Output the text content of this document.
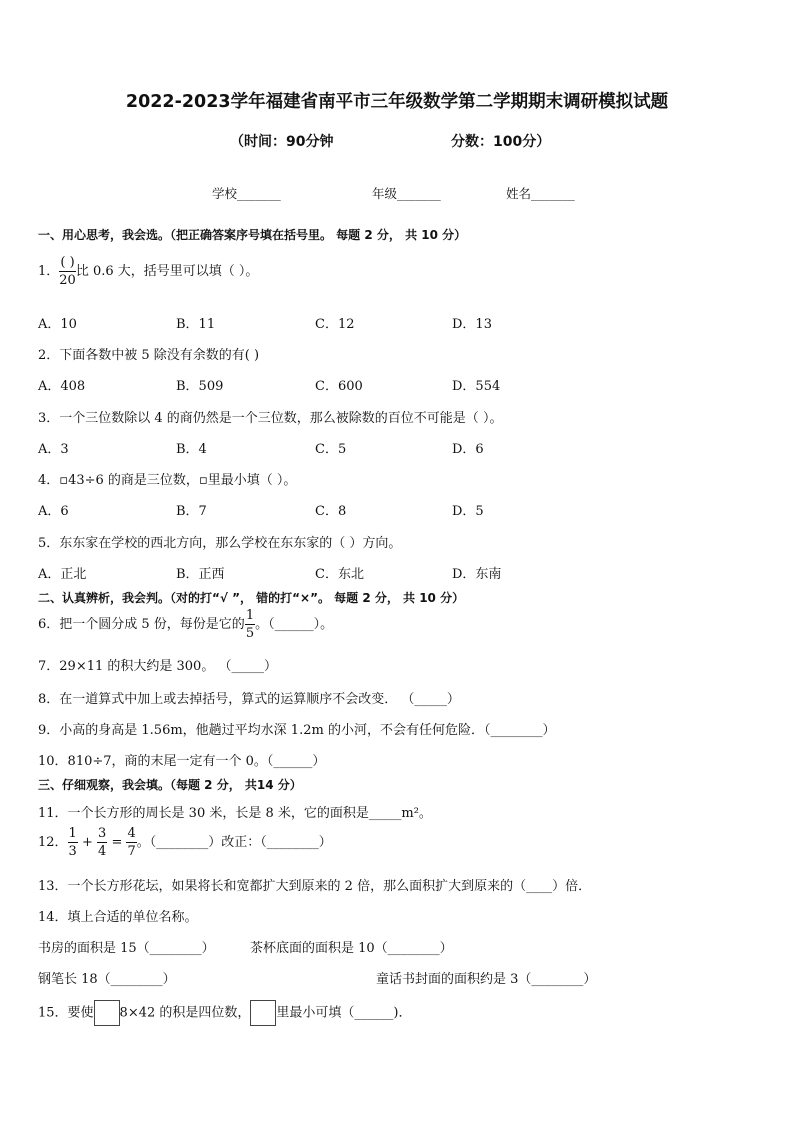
2022-2023学年福建省南平市三年级数学第二学期期末调研模拟试题
（时间：90分钟	分数：100分）
学校_______	年级_______	姓名_______
一、用心思考，我会选。（把正确答案序号填在括号里。 每题 2 分， 共 10 分）
1． $\frac{( )}{20}$ 比 0.6 大，括号里可以填（ ）。
A．10	B．11	C．12	D．13
2．下面各数中被 5 除没有余数的有( )
A．408	B．509	C．600	D．554
3．一个三位数除以 4 的商仍然是一个三位数，那么被除数的百位不可能是（ ）。
A．3	B．4	C．5	D．6
4．▫43÷6 的商是三位数，▫里最小填（ ）。
A．6	B．7	C．8	D．5
5．东东家在学校的西北方向，那么学校在东东家的（ ）方向。
A．正北	B．正西	C．东北	D．东南
二、认真辨析，我会判。（对的打“√ ”， 错的打“×”。 每题 2 分， 共 10 分）
6．把一个圆分成 5 份，每份是它的 $\frac{1}{5}$ 。（______）。
7．29×11 的积大约是 300。 （_____）
8．在一道算式中加上或去掉括号，算式的运算顺序不会改变． （_____）
9．小高的身高是 1.56m，他趟过平均水深 1.2m 的小河，不会有任何危险．（________）
10．810÷7，商的末尾一定有一个 0。（______）
三、仔细观察，我会填。（每题 2 分， 共14 分）
11．一个长方形的周长是 30 米，长是 8 米，它的面积是_____m²。
12． $\frac{1}{3} + \frac{3}{4} = \frac{4}{7}$ 。（________）改正：（________）
13．一个长方形花坛，如果将长和宽都扩大到原来的 2 倍，那么面积扩大到原来的（____）倍．
14．填上合适的单位名称。
书房的面积是 15（________）	茶杯底面的面积是 10（________）
钢笔长 18（________）	童话书封面的面积约是 3（________）
15．要使 8×42 的积是四位数， 里最小可填（______)．
